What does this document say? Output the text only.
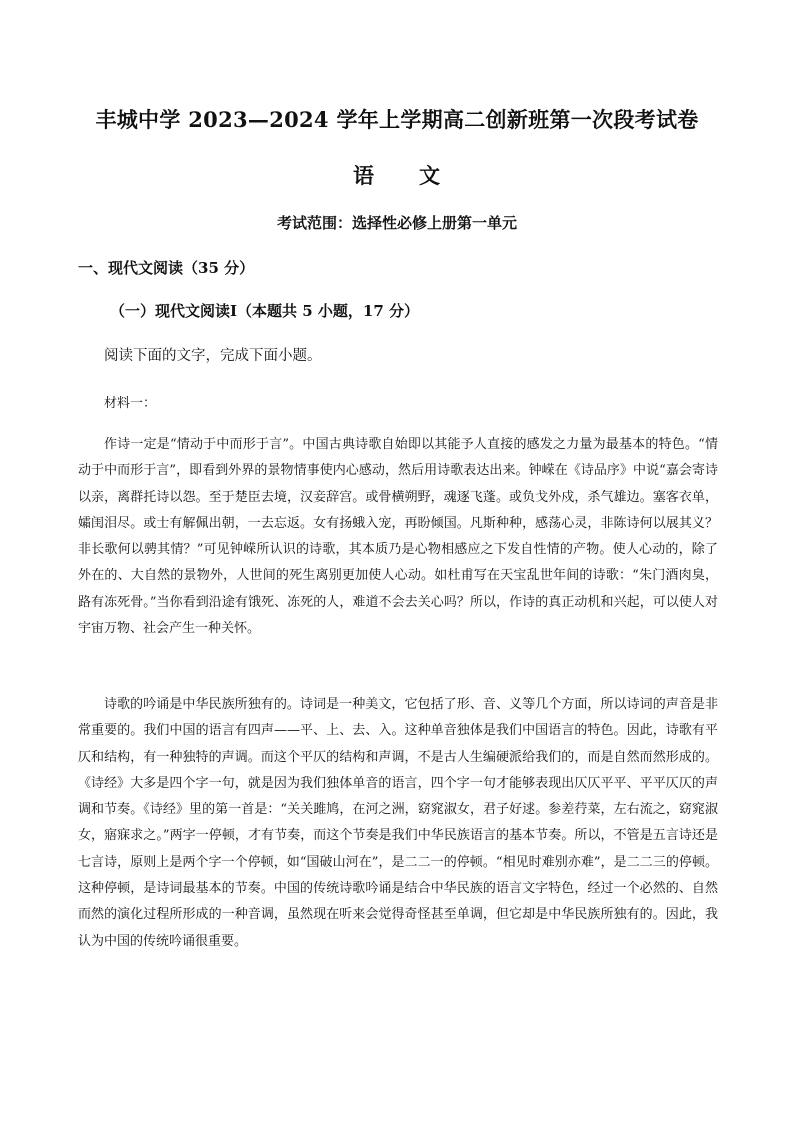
丰城中学 2023—2024 学年上学期高二创新班第一次段考试卷
语　　文
考试范围：选择性必修上册第一单元
一、现代文阅读（35 分）
（一）现代文阅读Ⅰ（本题共 5 小题，17 分）
阅读下面的文字，完成下面小题。
材料一：
作诗一定是“情动于中而形于言”。中国古典诗歌自始即以其能予人直接的感发之力量为最基本的特色。“情动于中而形于言”，即看到外界的景物情事使内心感动，然后用诗歌表达出来。钟嵘在《诗品序》中说“嘉会寄诗以亲，离群托诗以怨。至于楚臣去境，汉妾辞宫。或骨横朔野，魂逐飞蓬。或负戈外戍，杀气雄边。塞客衣单，孀闺泪尽。或士有解佩出朝，一去忘返。女有扬蛾入宠，再盼倾国。凡斯种种，感荡心灵，非陈诗何以展其义？非长歌何以骋其情？”可见钟嵘所认识的诗歌，其本质乃是心物相感应之下发自性情的产物。使人心动的，除了外在的、大自然的景物外，人世间的死生离别更加使人心动。如杜甫写在天宝乱世年间的诗歌：“朱门酒肉臭，路有冻死骨。”当你看到沿途有饿死、冻死的人，难道不会去关心吗？所以，作诗的真正动机和兴起，可以使人对宇宙万物、社会产生一种关怀。
诗歌的吟诵是中华民族所独有的。诗词是一种美文，它包括了形、音、义等几个方面，所以诗词的声音是非常重要的。我们中国的语言有四声——平、上、去、入。这种单音独体是我们中国语言的特色。因此，诗歌有平仄和结构，有一种独特的声调。而这个平仄的结构和声调，不是古人生编硬派给我们的，而是自然而然形成的。《诗经》大多是四个字一句，就是因为我们独体单音的语言，四个字一句才能够表现出仄仄平平、平平仄仄的声调和节奏。《诗经》里的第一首是：“关关雎鸠，在河之洲，窈窕淑女，君子好逑。参差荇菜，左右流之，窈窕淑女，寤寐求之。”两字一停顿，才有节奏，而这个节奏是我们中华民族语言的基本节奏。所以，不管是五言诗还是七言诗，原则上是两个字一个停顿，如“国破山河在”，是二二一的停顿。“相见时难别亦难”，是二二三的停顿。这种停顿，是诗词最基本的节奏。中国的传统诗歌吟诵是结合中华民族的语言文字特色，经过一个必然的、自然而然的演化过程所形成的一种音调，虽然现在听来会觉得奇怪甚至单调，但它却是中华民族所独有的。因此，我认为中国的传统吟诵很重要。
